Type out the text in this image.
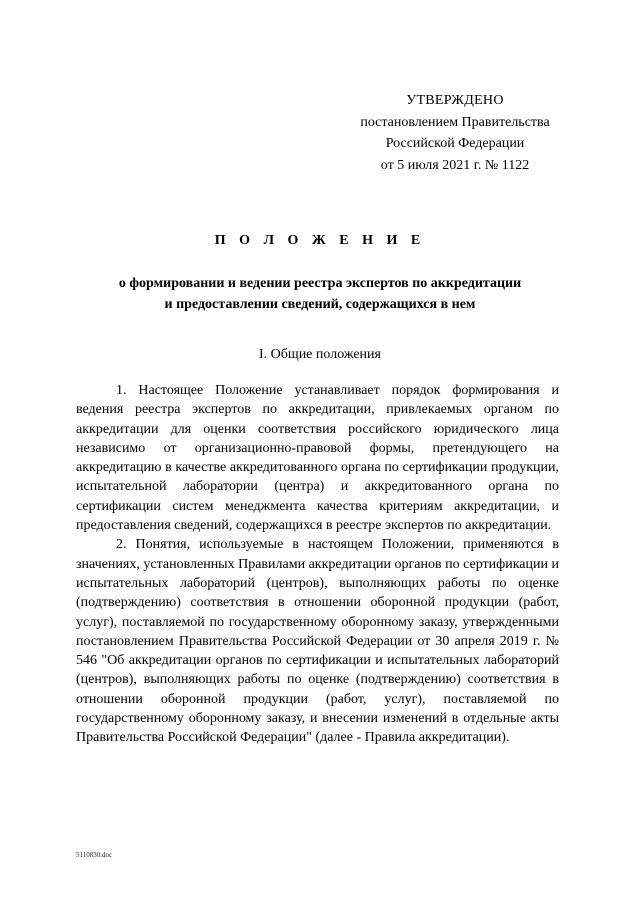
УТВЕРЖДЕНО
постановлением Правительства
Российской Федерации
от 5 июля 2021 г. № 1122
П О Л О Ж Е Н И Е
о формировании и ведении реестра экспертов по аккредитации
и предоставлении сведений, содержащихся в нем
I. Общие положения

1. Настоящее Положение устанавливает порядок формирования и ведения реестра экспертов по аккредитации, привлекаемых органом по аккредитации для оценки соответствия российского юридического лица независимо от организационно-правовой формы, претендующего на аккредитацию в качестве аккредитованного органа по сертификации продукции, испытательной лаборатории (центра) и аккредитованного органа по сертификации систем менеджмента качества критериям аккредитации, и предоставления сведений, содержащихся в реестре экспертов по аккредитации.

2. Понятия, используемые в настоящем Положении, применяются в значениях, установленных Правилами аккредитации органов по сертификации и испытательных лабораторий (центров), выполняющих работы по оценке (подтверждению) соответствия в отношении оборонной продукции (работ, услуг), поставляемой по государственному оборонному заказу, утвержденными постановлением Правительства Российской Федерации от 30 апреля 2019 г. № 546 "Об аккредитации органов по сертификации и испытательных лабораторий (центров), выполняющих работы по оценке (подтверждению) соответствия в отношении оборонной продукции (работ, услуг), поставляемой по государственному оборонному заказу, и внесении изменений в отдельные акты Правительства Российской Федерации" (далее - Правила аккредитации).

5110830.doc
